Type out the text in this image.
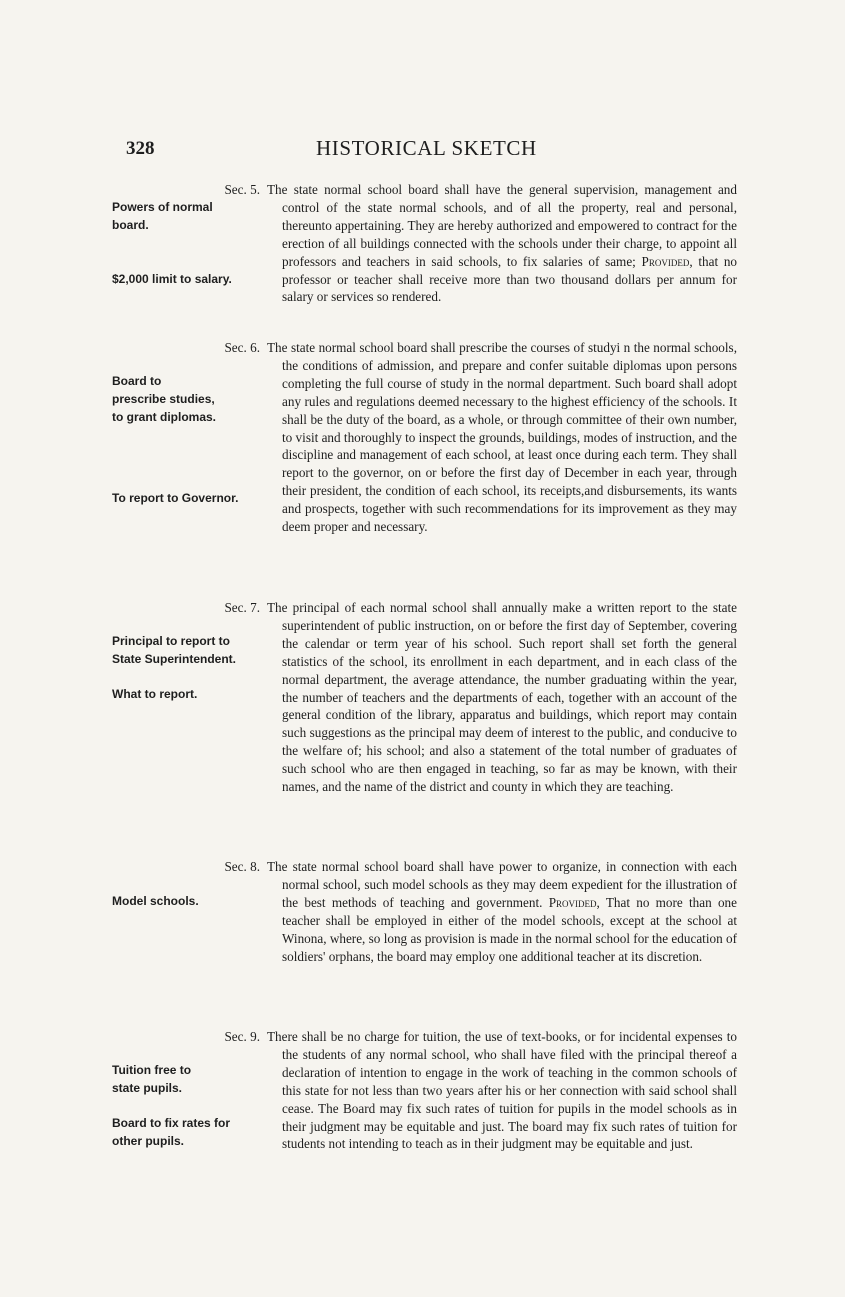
328	HISTORICAL SKETCH
Sec. 5.
Powers of normal
board.
$2,000 limit to salary.

The state normal school board shall have the general supervision, management and control of the state normal schools, and of all the property, real and personal, thereunto appertaining. They are hereby authorized and empowered to contract for the erection of all buildings connected with the schools under their charge, to appoint all professors and teachers in said schools, to fix salaries of same; Provided, that no professor or teacher shall receive more than two thousand dollars per annum for salary or services so rendered.

Sec. 6.
Board to
prescribe studies,
to grant diplomas.
To report to Governor.

The state normal school board shall prescribe the courses of studyi n the normal schools, the conditions of admission, and prepare and confer suitable diplomas upon persons completing the full course of study in the normal department. Such board shall adopt any rules and regulations deemed necessary to the highest efficiency of the schools. It shall be the duty of the board, as a whole, or through committee of their own number, to visit and thoroughly to inspect the grounds, buildings, modes of instruction, and the discipline and management of each school, at least once during each term. They shall report to the governor, on or before the first day of December in each year, through their president, the condition of each school, its receipts,and disbursements, its wants and prospects, together with such recommendations for its improvement as they may deem proper and necessary.

Sec. 7.
Principal to report to
State Superintendent.
What to report.

The principal of each normal school shall annually make a written report to the state superintendent of public instruction, on or before the first day of September, covering the calendar or term year of his school. Such report shall set forth the general statistics of the school, its enrollment in each department, and in each class of the normal department, the average attendance, the number graduating within the year, the number of teachers and the departments of each, together with an account of the general condition of the library, apparatus and buildings, which report may contain such suggestions as the principal may deem of interest to the public, and conducive to the welfare of; his school; and also a statement of the total number of graduates of such school who are then engaged in teaching, so far as may be known, with their names, and the name of the district and county in which they are teaching.

Sec. 8.
Model schools.

The state normal school board shall have power to organize, in connection with each normal school, such model schools as they may deem expedient for the illustration of the best methods of teaching and government. Provided, That no more than one teacher shall be employed in either of the model schools, except at the school at Winona, where, so long as provision is made in the normal school for the education of soldiers' orphans, the board may employ one additional teacher at its discretion.

Sec. 9.
Tuition free to
state pupils.
Board to fix rates for
other pupils.

There shall be no charge for tuition, the use of text-books, or for incidental expenses to the students of any normal school, who shall have filed with the principal thereof a declaration of intention to engage in the work of teaching in the common schools of this state for not less than two years after his or her connection with said school shall cease. The Board may fix such rates of tuition for pupils in the model schools as in their judgment may be equitable and just. The board may fix such rates of tuition for students not intending to teach as in their judgment may be equitable and just.
